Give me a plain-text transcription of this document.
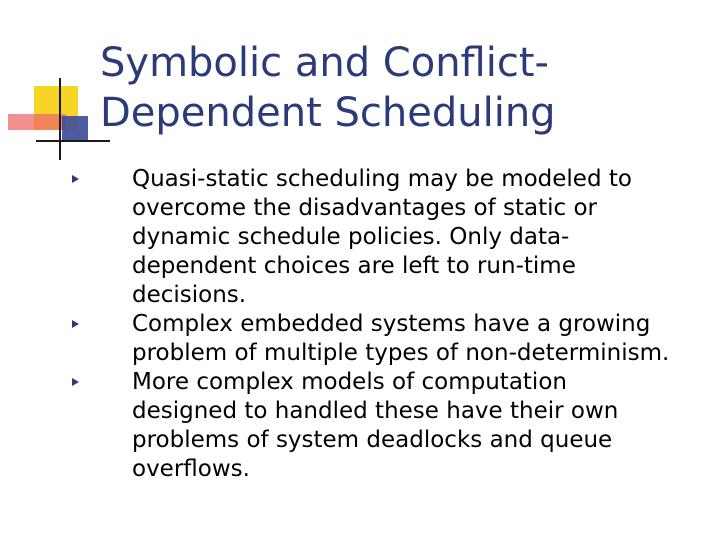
Symbolic and Conflict-
Dependent Scheduling
Quasi-static scheduling may be modeled to
overcome the disadvantages of static or
dynamic schedule policies. Only data-
dependent choices are left to run-time
decisions.
Complex embedded systems have a growing
problem of multiple types of non-determinism.
More complex models of computation
designed to handled these have their own
problems of system deadlocks and queue
overflows.
